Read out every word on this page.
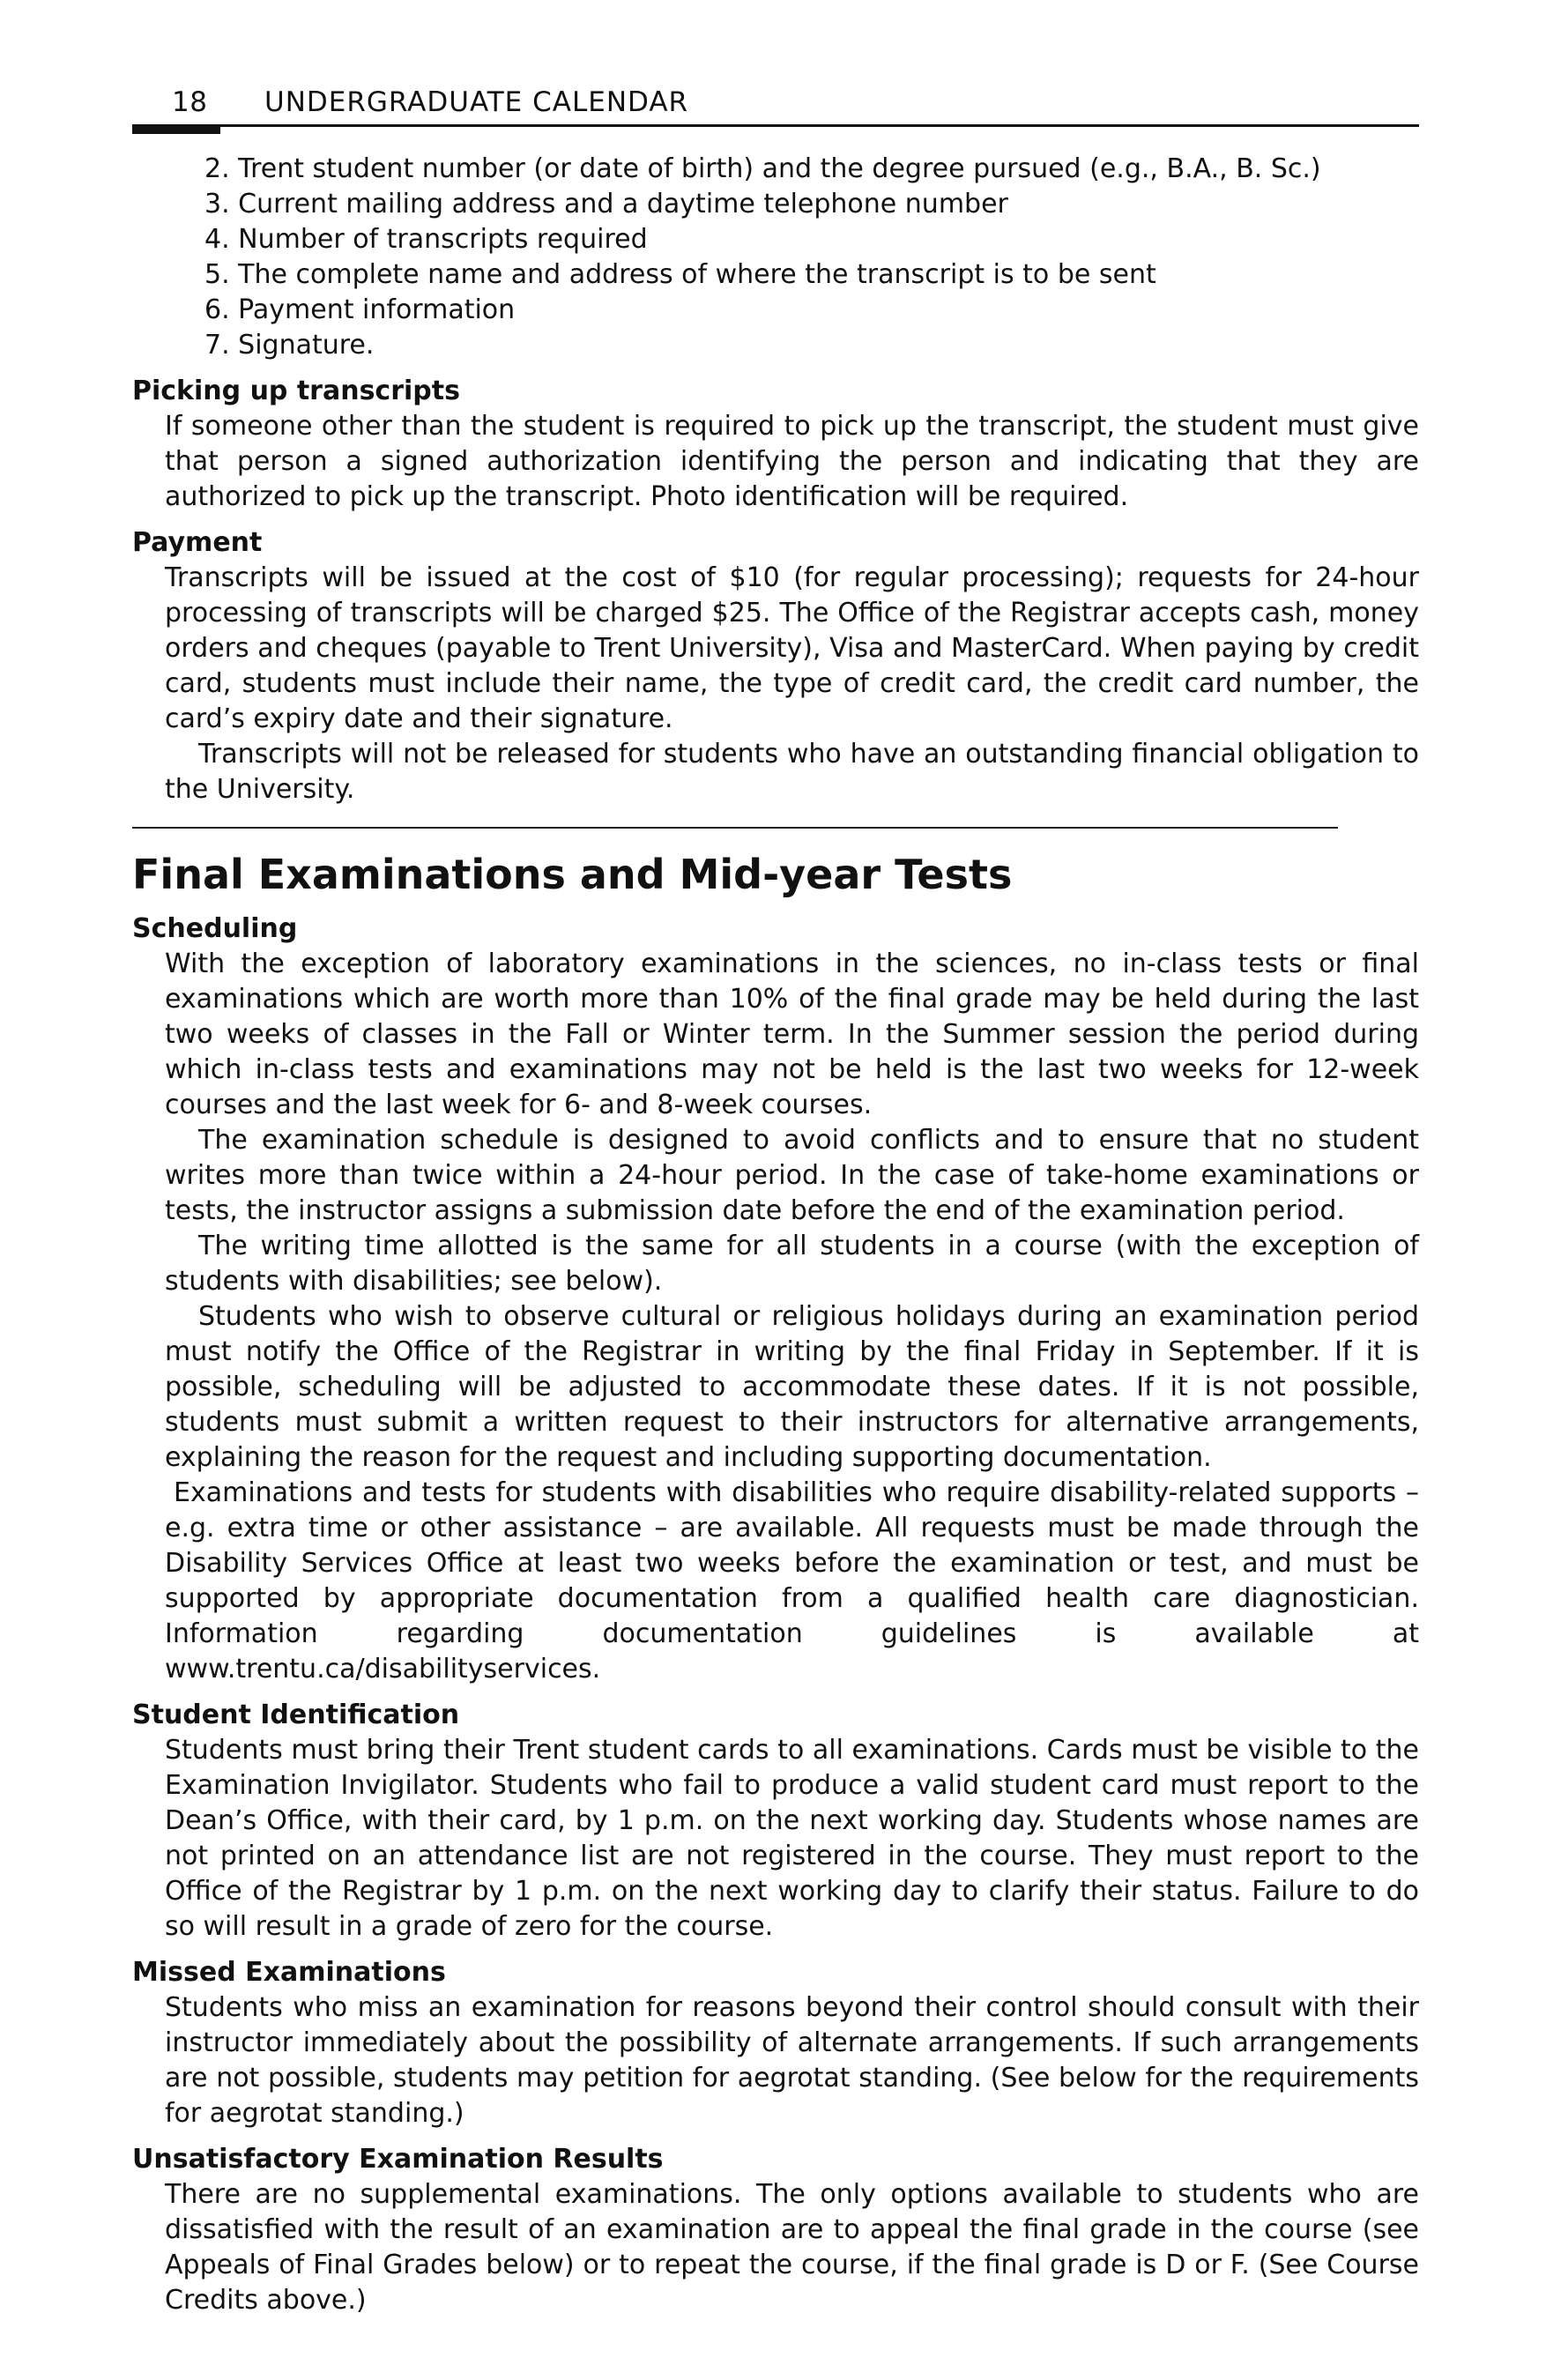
18 UNDERGRADUATE CALENDAR
2. Trent student number (or date of birth) and the degree pursued (e.g., B.A., B. Sc.)
3. Current mailing address and a daytime telephone number
4. Number of transcripts required
5. The complete name and address of where the transcript is to be sent
6. Payment information
7. Signature.
Picking up transcripts

If someone other than the student is required to pick up the transcript, the student must give that person a signed authorization identifying the person and indicating that they are authorized to pick up the transcript. Photo identification will be required.

Payment

Transcripts will be issued at the cost of $10 (for regular processing); requests for 24-hour processing of transcripts will be charged $25. The Office of the Registrar accepts cash, money orders and cheques (payable to Trent University), Visa and MasterCard. When paying by credit card, students must include their name, the type of credit card, the credit card number, the card’s expiry date and their signature.

Transcripts will not be released for students who have an outstanding financial obligation to the University.

Final Examinations and Mid-year Tests
Scheduling

With the exception of laboratory examinations in the sciences, no in-class tests or final examinations which are worth more than 10% of the final grade may be held during the last two weeks of classes in the Fall or Winter term. In the Summer session the period during which in-class tests and examinations may not be held is the last two weeks for 12-week courses and the last week for 6- and 8-week courses.

The examination schedule is designed to avoid conflicts and to ensure that no student writes more than twice within a 24-hour period. In the case of take-home examinations or tests, the instructor assigns a submission date before the end of the examination period.

The writing time allotted is the same for all students in a course (with the exception of students with disabilities; see below).

Students who wish to observe cultural or religious holidays during an examination period must notify the Office of the Registrar in writing by the final Friday in September. If it is possible, scheduling will be adjusted to accommodate these dates. If it is not possible, students must submit a written request to their instructors for alternative arrangements, explaining the reason for the request and including supporting documentation.

Examinations and tests for students with disabilities who require disability-related supports – e.g. extra time or other assistance – are available. All requests must be made through the Disability Services Office at least two weeks before the examination or test, and must be supported by appropriate documentation from a qualified health care diagnostician. Information regarding documentation guidelines is available at www.trentu.ca/disabilityservices.

Student Identification

Students must bring their Trent student cards to all examinations. Cards must be visible to the Examination Invigilator. Students who fail to produce a valid student card must report to the Dean’s Office, with their card, by 1 p.m. on the next working day. Students whose names are not printed on an attendance list are not registered in the course. They must report to the Office of the Registrar by 1 p.m. on the next working day to clarify their status. Failure to do so will result in a grade of zero for the course.

Missed Examinations

Students who miss an examination for reasons beyond their control should consult with their instructor immediately about the possibility of alternate arrangements. If such arrangements are not possible, students may petition for aegrotat standing. (See below for the requirements for aegrotat standing.)

Unsatisfactory Examination Results

There are no supplemental examinations. The only options available to students who are dissatisfied with the result of an examination are to appeal the final grade in the course (see Appeals of Final Grades below) or to repeat the course, if the final grade is D or F. (See Course Credits above.)
